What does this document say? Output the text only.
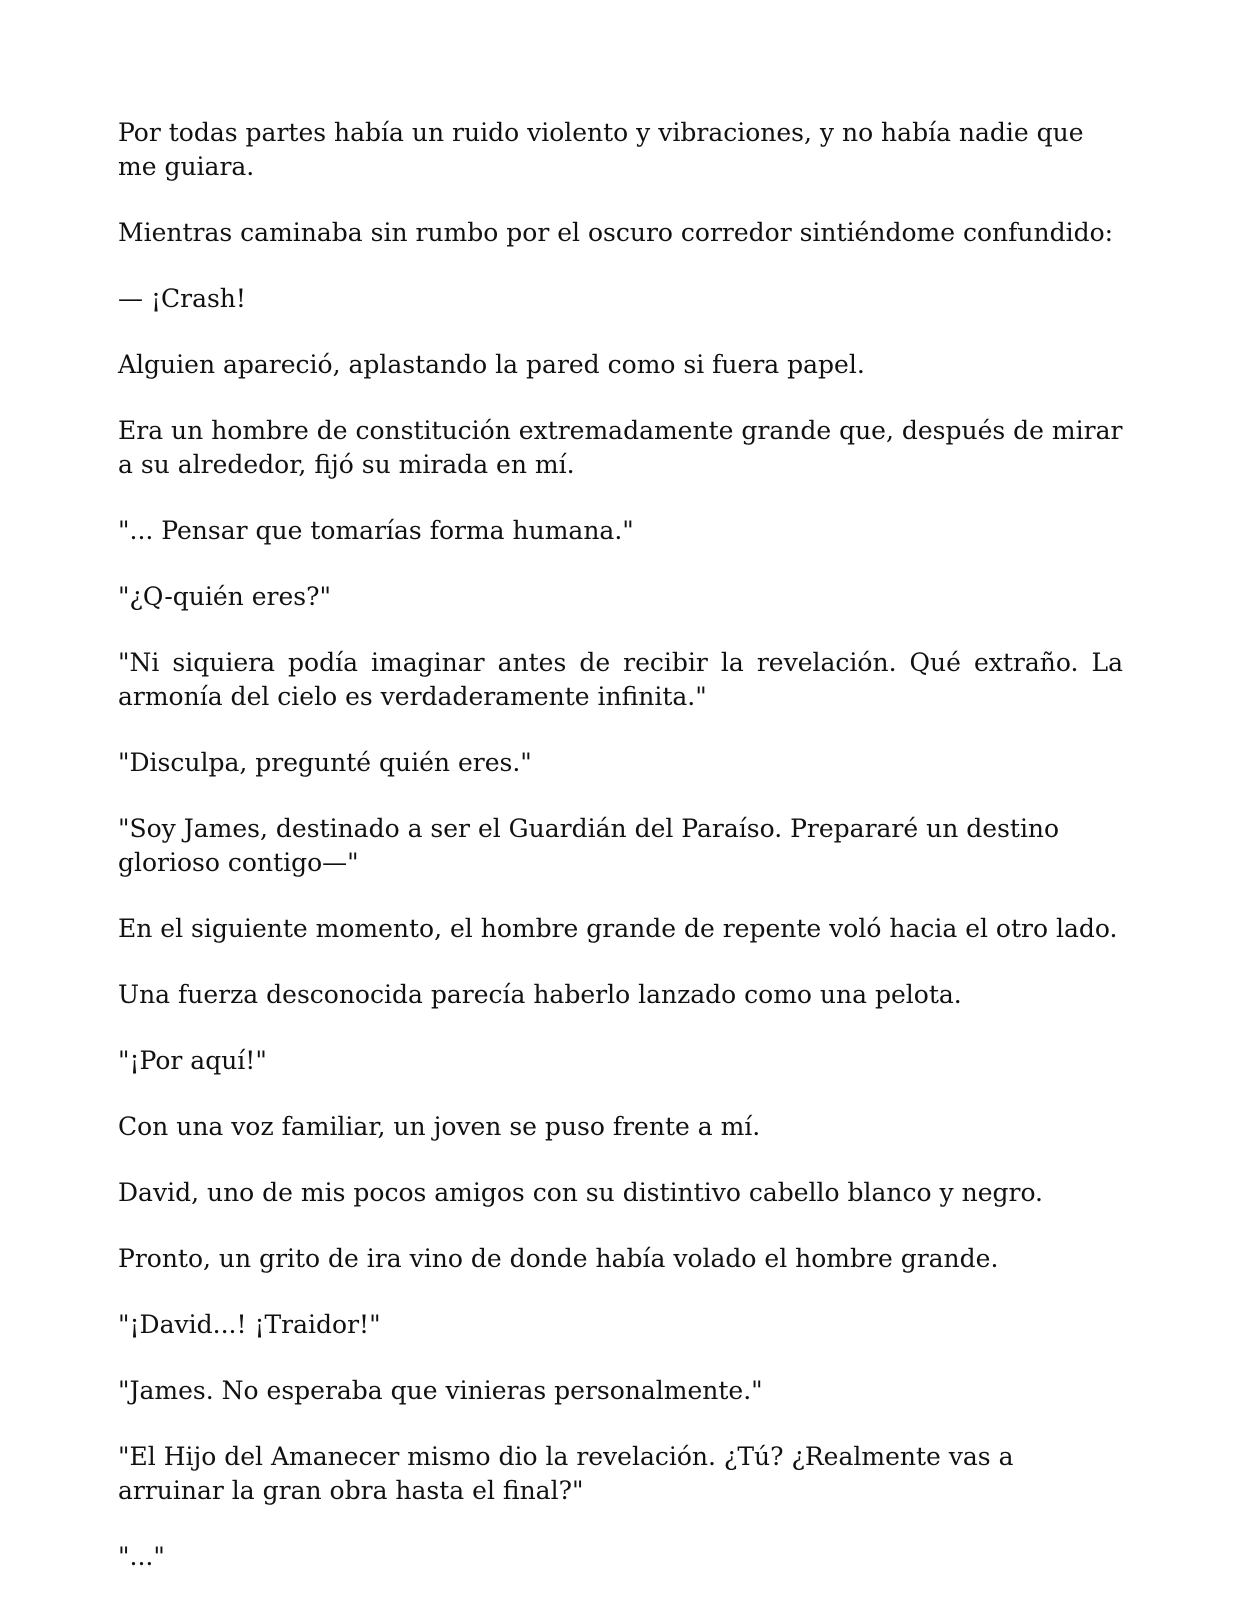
Por todas partes había un ruido violento y vibraciones, y no había nadie que me guiara.

Mientras caminaba sin rumbo por el oscuro corredor sintiéndome confundido:

— ¡Crash!

Alguien apareció, aplastando la pared como si fuera papel.

Era un hombre de constitución extremadamente grande que, después de mirar a su alrededor, fijó su mirada en mí.

"... Pensar que tomarías forma humana."

"¿Q-quién eres?"

"Ni siquiera podía imaginar antes de recibir la revelación. Qué extraño. La armonía del cielo es verdaderamente infinita."

"Disculpa, pregunté quién eres."

"Soy James, destinado a ser el Guardián del Paraíso. Prepararé un destino glorioso contigo—"

En el siguiente momento, el hombre grande de repente voló hacia el otro lado.

Una fuerza desconocida parecía haberlo lanzado como una pelota.

"¡Por aquí!"

Con una voz familiar, un joven se puso frente a mí.

David, uno de mis pocos amigos con su distintivo cabello blanco y negro.

Pronto, un grito de ira vino de donde había volado el hombre grande.

"¡David...! ¡Traidor!"

"James. No esperaba que vinieras personalmente."

"El Hijo del Amanecer mismo dio la revelación. ¿Tú? ¿Realmente vas a arruinar la gran obra hasta el final?"

"..."
